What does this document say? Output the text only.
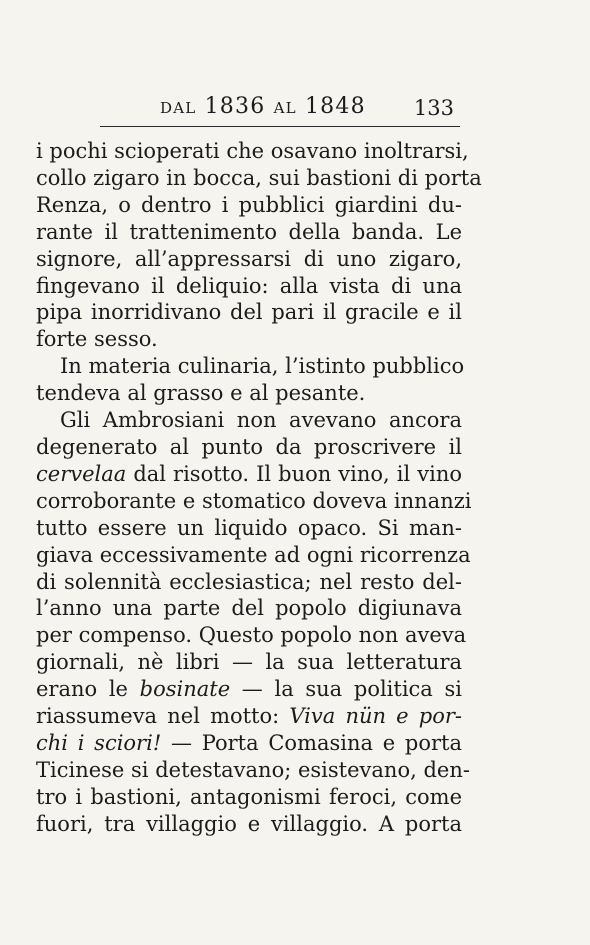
dal 1836 al 1848 133
i pochi scioperati che osavano inoltrarsi,
collo zigaro in bocca, sui bastioni di porta
Renza, o dentro i pubblici giardini du-
rante il trattenimento della banda. Le
signore, all’appressarsi di uno zigaro,
fingevano il deliquio: alla vista di una
pipa inorridivano del pari il gracile e il
forte sesso.
In materia culinaria, l’istinto pubblico
tendeva al grasso e al pesante.
Gli Ambrosiani non avevano ancora
degenerato al punto da proscrivere il
cervelaa dal risotto. Il buon vino, il vino
corroborante e stomatico doveva innanzi
tutto essere un liquido opaco. Si man-
giava eccessivamente ad ogni ricorrenza
di solennità ecclesiastica; nel resto del-
l’anno una parte del popolo digiunava
per compenso. Questo popolo non aveva
giornali, nè libri — la sua letteratura
erano le bosinate — la sua politica si
riassumeva nel motto: Viva nün e por-
chi i sciori! — Porta Comasina e porta
Ticinese si detestavano; esistevano, den-
tro i bastioni, antagonismi feroci, come
fuori, tra villaggio e villaggio. A porta
